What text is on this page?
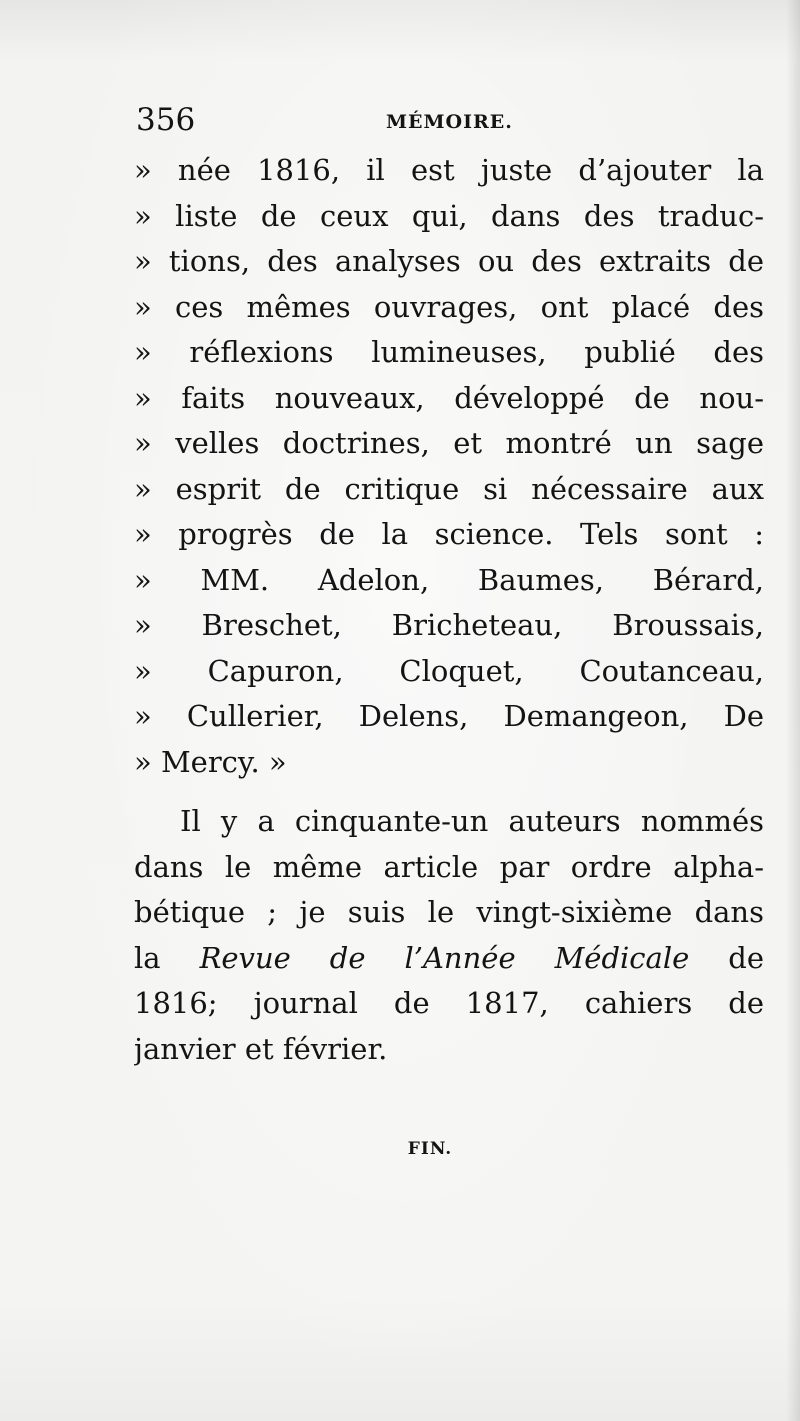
356	MÉMOIRE.
» née 1816, il est juste d’ajouter la
» liste de ceux qui, dans des traduc-
» tions, des analyses ou des extraits de
» ces mêmes ouvrages, ont placé des
» réflexions lumineuses, publié des
» faits nouveaux, développé de nou-
» velles doctrines, et montré un sage
» esprit de critique si nécessaire aux
» progrès de la science. Tels sont :
» MM. Adelon, Baumes, Bérard,
» Breschet, Bricheteau, Broussais,
» Capuron, Cloquet, Coutanceau,
» Cullerier, Delens, Demangeon, De
» Mercy. »
Il y a cinquante-un auteurs nommés
dans le même article par ordre alpha-
bétique ; je suis le vingt-sixième dans
la Revue de l’Année Médicale de
1816; journal de 1817, cahiers de
janvier et février.
FIN.
